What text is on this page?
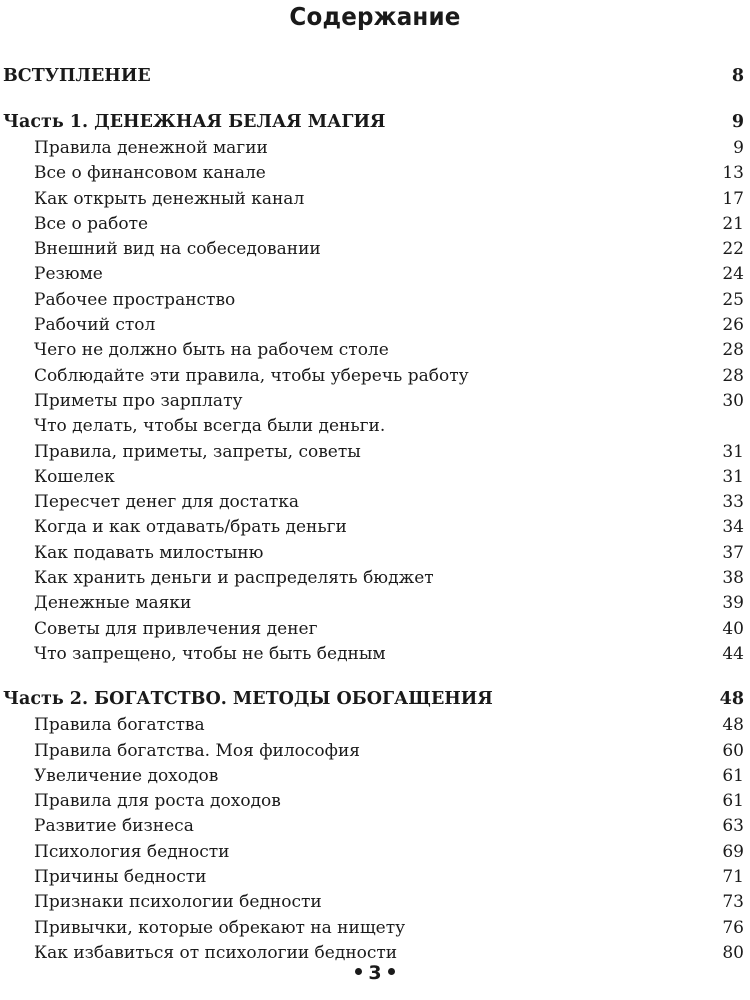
Содержание
ВСТУПЛЕНИЕ	8
Часть 1. ДЕНЕЖНАЯ БЕЛАЯ МАГИЯ	9
Правила денежной магии	9
Все о финансовом канале	13
Как открыть денежный канал	17
Все о работе	21
Внешний вид на собеседовании	22
Резюме	24
Рабочее пространство	25
Рабочий стол	26
Чего не должно быть на рабочем столе	28
Соблюдайте эти правила, чтобы уберечь работу	28
Приметы про зарплату	30
Что делать, чтобы всегда были деньги.
Правила, приметы, запреты, советы	31
Кошелек	31
Пересчет денег для достатка	33
Когда и как отдавать/брать деньги	34
Как подавать милостыню	37
Как хранить деньги и распределять бюджет	38
Денежные маяки	39
Советы для привлечения денег	40
Что запрещено, чтобы не быть бедным	44
Часть 2. БОГАТСТВО. МЕТОДЫ ОБОГАЩЕНИЯ	48
Правила богатства	48
Правила богатства. Моя философия	60
Увеличение доходов	61
Правила для роста доходов	61
Развитие бизнеса	63
Психология бедности	69
Причины бедности	71
Признаки психологии бедности	73
Привычки, которые обрекают на нищету	76
Как избавиться от психологии бедности	80
3
